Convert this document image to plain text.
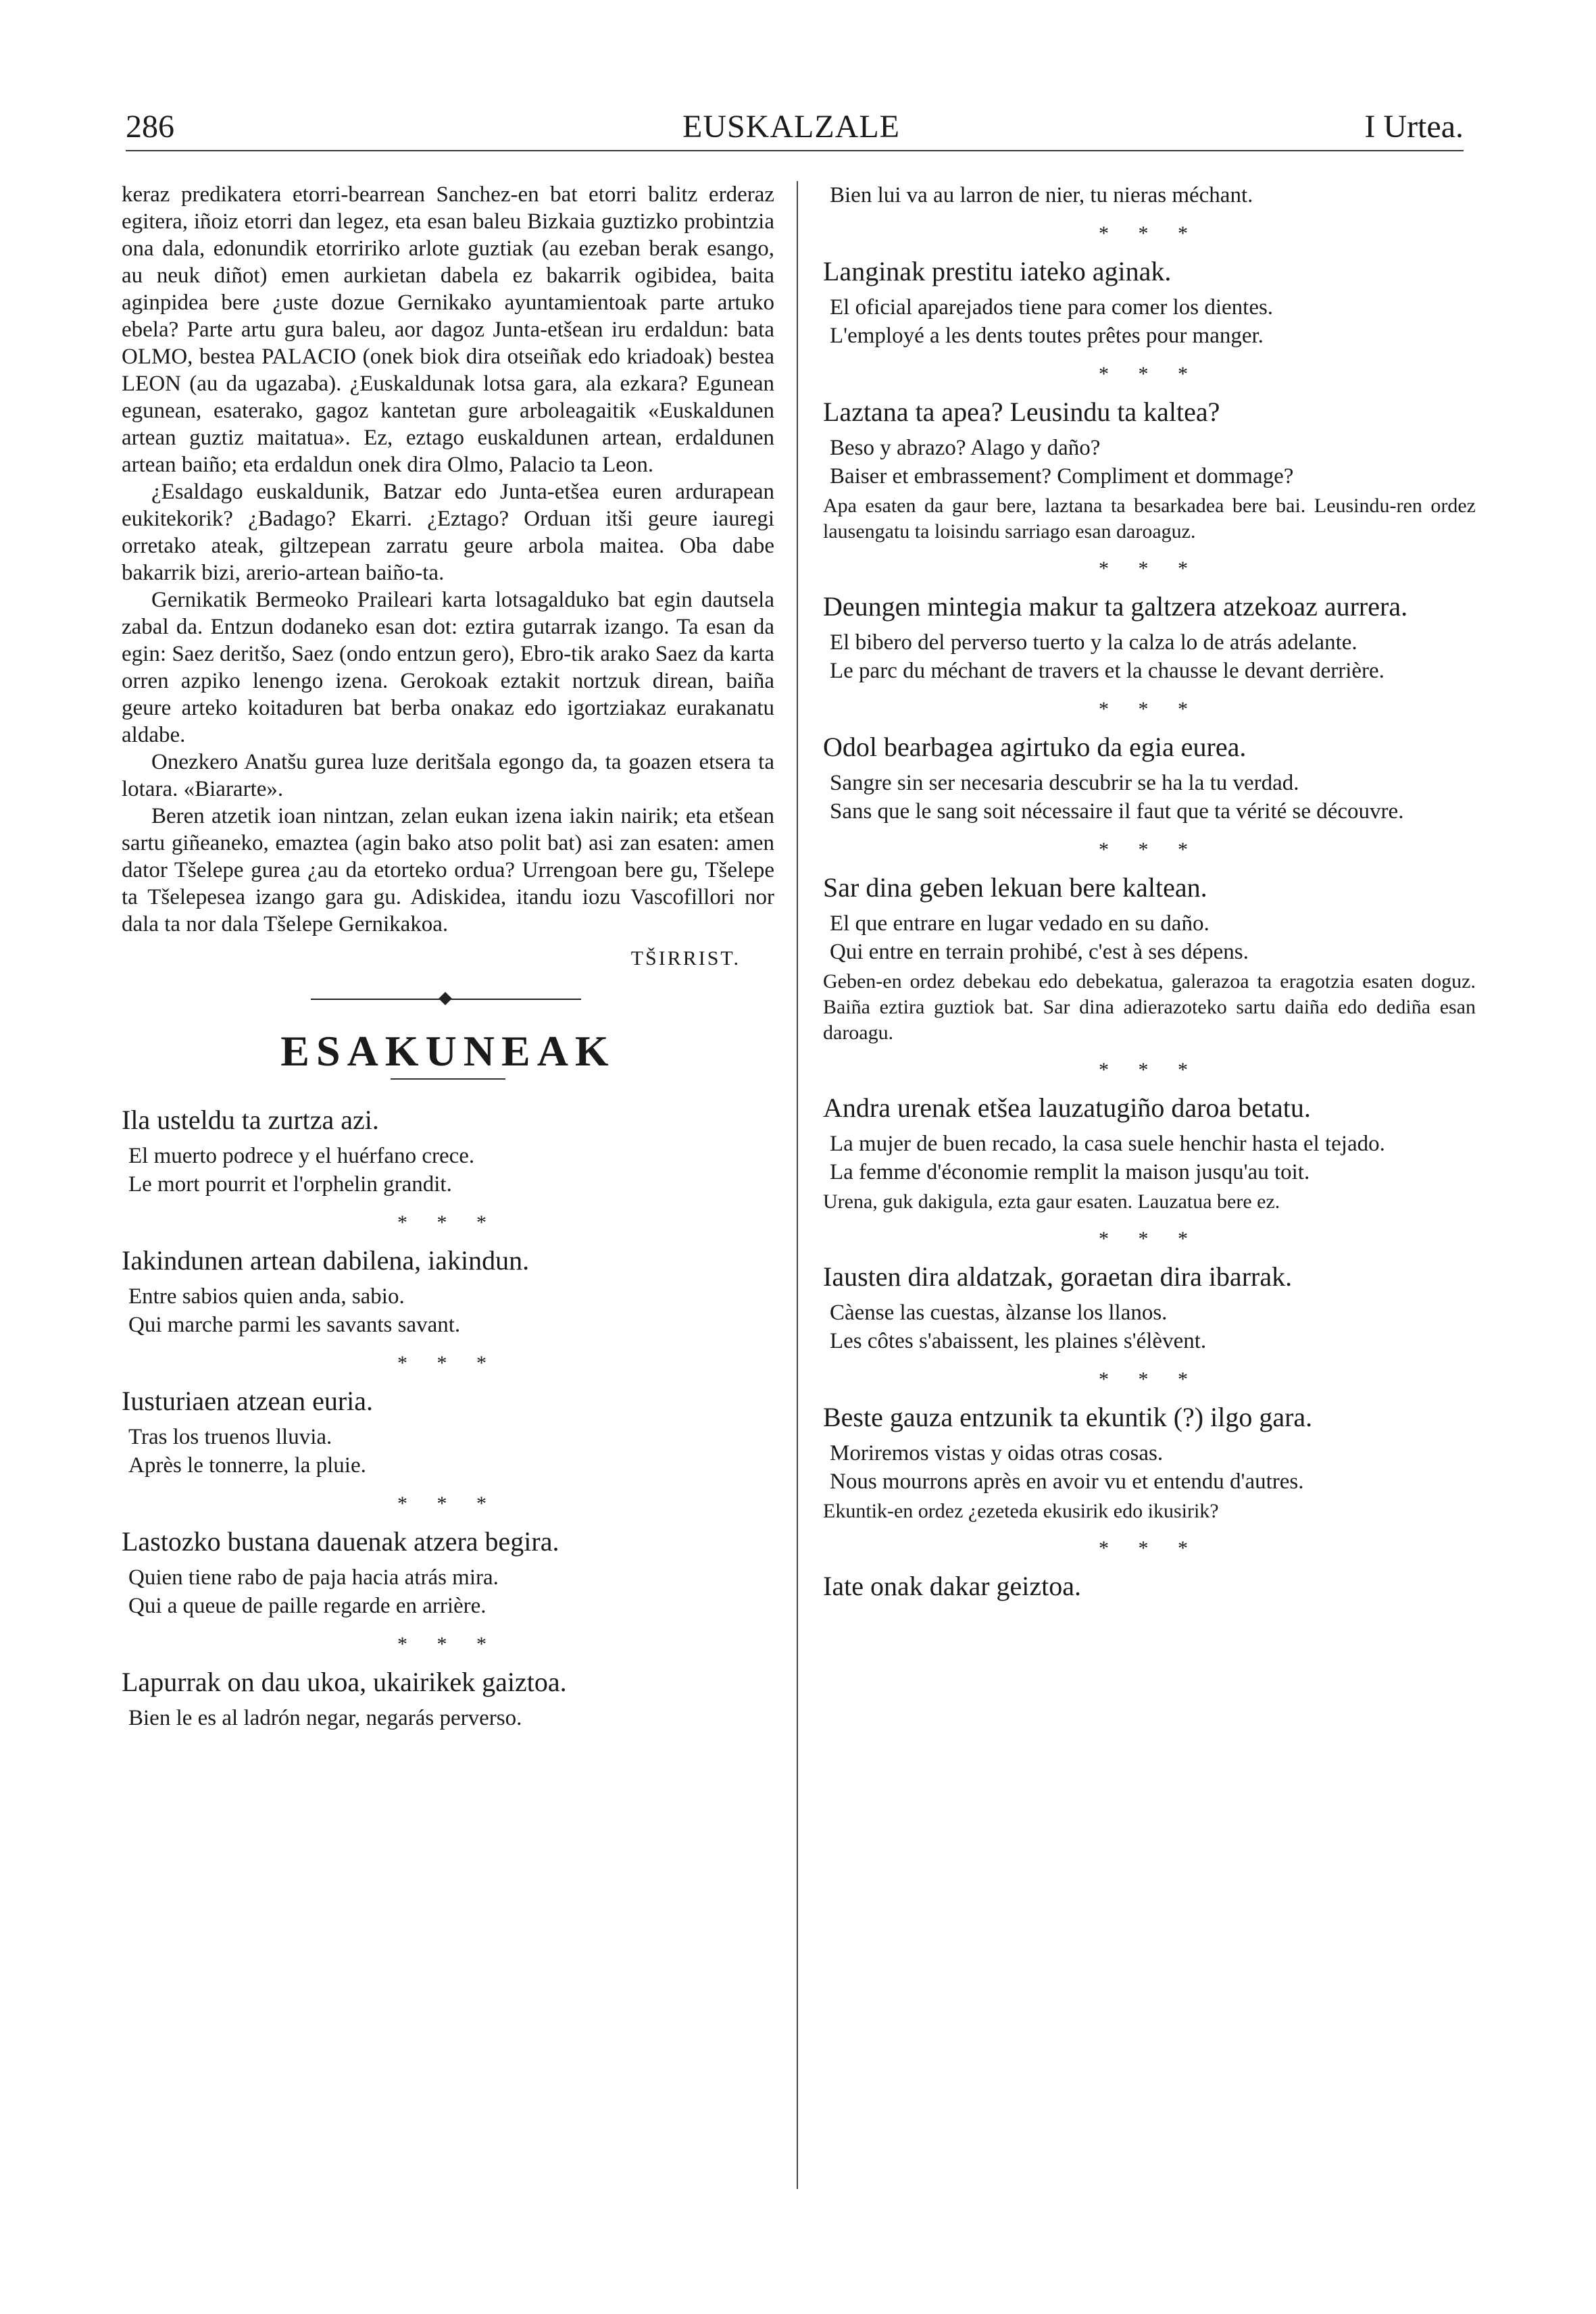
286	EUSKALZALE	I Urtea.

keraz predikatera etorri-bearrean Sanchez-en bat etorri balitz erderaz egitera, iñoiz etorri dan legez, eta esan baleu Bizkaia guztizko probintzia ona dala, edonundik etorririko arlote guztiak (au ezeban berak esango, au neuk diñot) emen aurkietan dabela ez bakarrik ogibidea, baita aginpidea bere ¿uste dozue Gernikako ayuntamientoak parte artuko ebela? Parte artu gura baleu, aor dagoz Junta-etšean iru erdaldun: bata OLMO, bestea PALACIO (onek biok dira otseiñak edo kriadoak) bestea LEON (au da ugazaba). ¿Euskaldunak lotsa gara, ala ezkara? Egunean egunean, esaterako, gagoz kantetan gure arboleagaitik «Euskaldunen artean guztiz maitatua». Ez, eztago euskaldunen artean, erdaldunen artean baiño; eta erdaldun onek dira Olmo, Palacio ta Leon.

¿Esaldago euskaldunik, Batzar edo Junta-etšea euren ardurapean eukitekorik? ¿Badago? Ekarri. ¿Eztago? Orduan itši geure iauregi orretako ateak, giltzepean zarratu geure arbola maitea. Oba dabe bakarrik bizi, arerio-artean baiño-ta.

Gernikatik Bermeoko Praileari karta lotsagalduko bat egin dautsela zabal da. Entzun dodaneko esan dot: eztira gutarrak izango. Ta esan da egin: Saez deritšo, Saez (ondo entzun gero), Ebro-tik arako Saez da karta orren azpiko lenengo izena. Gerokoak eztakit nortzuk direan, baiña geure arteko koitaduren bat berba onakaz edo igortziakaz eurakanatu aldabe.

Onezkero Anatšu gurea luze deritšala egongo da, ta goazen etsera ta lotara. «Biararte».

Beren atzetik ioan nintzan, zelan eukan izena iakin nairik; eta etšean sartu giñeaneko, emaztea (agin bako atso polit bat) asi zan esaten: amen dator Tšelepe gurea ¿au da etorteko ordua? Urrengoan bere gu, Tšelepe ta Tšelepesea izango gara gu. Adiskidea, itandu iozu Vascofillori nor dala ta nor dala Tšelepe Gernikakoa.

TŠIRRIST.

ESAKUNEAK

Ila usteldu ta zurtza azi.

El muerto podrece y el huérfano crece.

Le mort pourrit et l'orphelin grandit.

* * *

Iakindunen artean dabilena, iakindun.

Entre sabios quien anda, sabio.

Qui marche parmi les savants savant.

* * *

Iusturiaen atzean euria.

Tras los truenos lluvia.

Après le tonnerre, la pluie.

* * *

Lastozko bustana dauenak atzera begira.

Quien tiene rabo de paja hacia atrás mira.

Qui a queue de paille regarde en arrière.

* * *

Lapurrak on dau ukoa, ukairikek gaiztoa.

Bien le es al ladrón negar, negarás perverso.

Bien lui va au larron de nier, tu nieras méchant.

* * *

Langinak prestitu iateko aginak.

El oficial aparejados tiene para comer los dientes.

L'employé a les dents toutes prêtes pour manger.

* * *

Laztana ta apea? Leusindu ta kaltea?

Beso y abrazo? Alago y daño?

Baiser et embrassement? Compliment et dommage?

Apa esaten da gaur bere, laztana ta besarkadea bere bai. Leusindu-ren ordez lausengatu ta loisindu sarriago esan daroaguz.

* * *

Deungen mintegia makur ta galtzera atzekoaz aurrera.

El bibero del perverso tuerto y la calza lo de atrás adelante.

Le parc du méchant de travers et la chausse le devant derrière.

* * *

Odol bearbagea agirtuko da egia eurea.

Sangre sin ser necesaria descubrir se ha la tu verdad.

Sans que le sang soit nécessaire il faut que ta vérité se découvre.

* * *

Sar dina geben lekuan bere kaltean.

El que entrare en lugar vedado en su daño.

Qui entre en terrain prohibé, c'est à ses dépens.

Geben-en ordez debekau edo debekatua, galerazoa ta eragotzia esaten doguz. Baiña eztira guztiok bat. Sar dina adierazoteko sartu daiña edo dediña esan daroagu.

* * *

Andra urenak etšea lauzatugiño daroa betatu.

La mujer de buen recado, la casa suele henchir hasta el tejado.

La femme d'économie remplit la maison jusqu'au toit.

Urena, guk dakigula, ezta gaur esaten. Lauzatua bere ez.

* * *

Iausten dira aldatzak, goraetan dira ibarrak.

Càense las cuestas, àlzanse los llanos.

Les côtes s'abaissent, les plaines s'élèvent.

* * *

Beste gauza entzunik ta ekuntik (?) ilgo gara.

Moriremos vistas y oidas otras cosas.

Nous mourrons après en avoir vu et entendu d'autres.

Ekuntik-en ordez ¿ezeteda ekusirik edo ikusirik?

* * *

Iate onak dakar geiztoa.
